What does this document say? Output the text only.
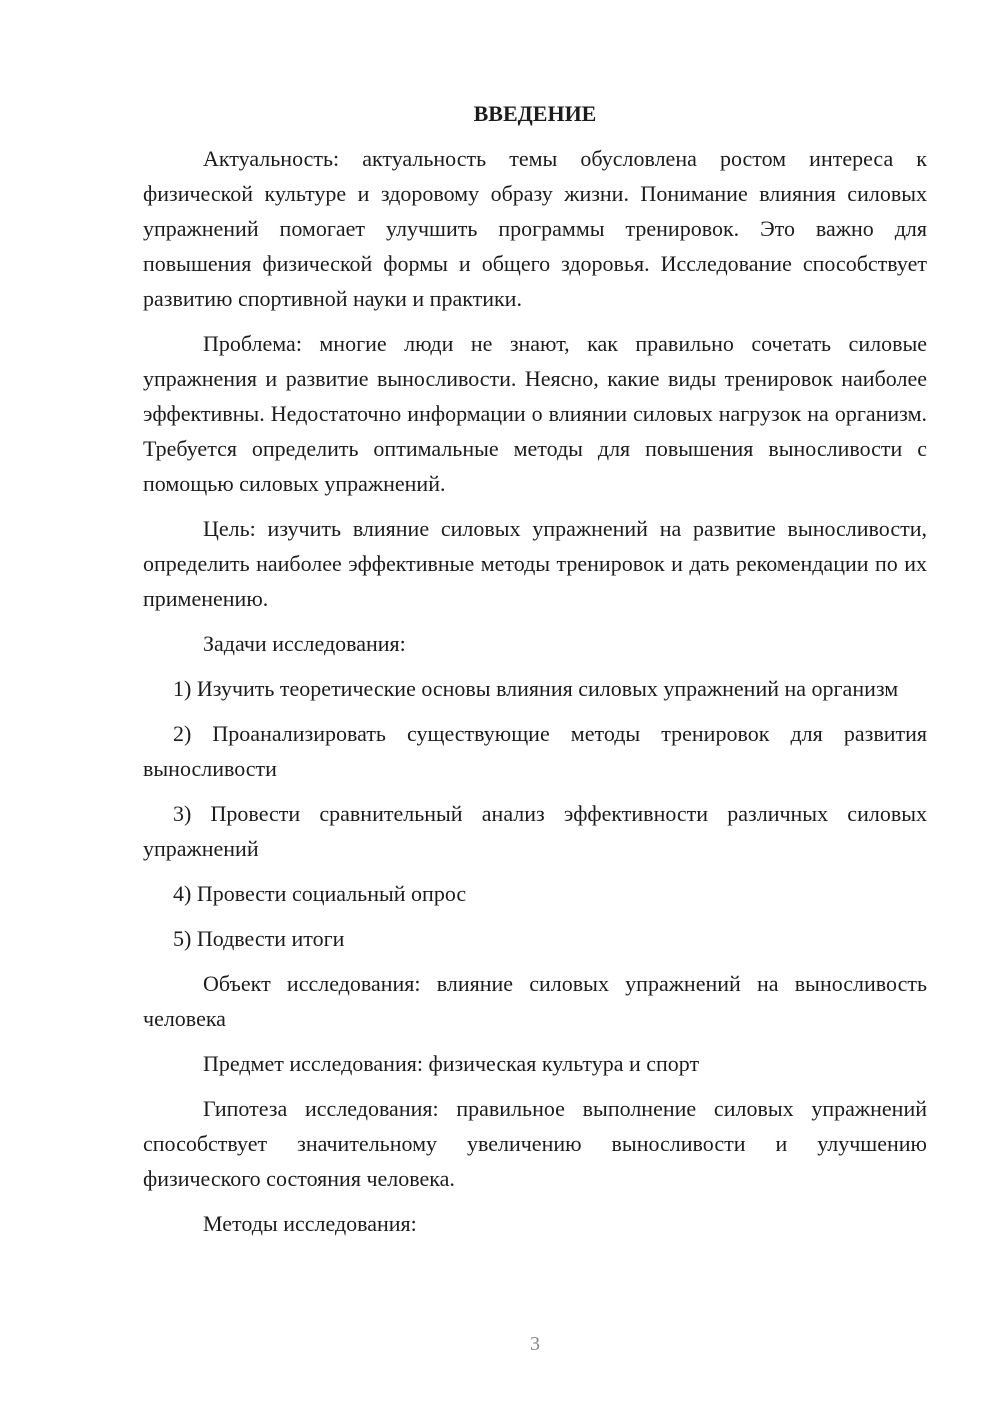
ВВЕДЕНИЕ

Актуальность: актуальность темы обусловлена ростом интереса к физической культуре и здоровому образу жизни. Понимание влияния силовых упражнений помогает улучшить программы тренировок. Это важно для повышения физической формы и общего здоровья. Исследование способствует развитию спортивной науки и практики.

Проблема: многие люди не знают, как правильно сочетать силовые упражнения и развитие выносливости. Неясно, какие виды тренировок наиболее эффективны. Недостаточно информации о влиянии силовых нагрузок на организм. Требуется определить оптимальные методы для повышения выносливости с помощью силовых упражнений.

Цель: изучить влияние силовых упражнений на развитие выносливости, определить наиболее эффективные методы тренировок и дать рекомендации по их применению.

Задачи исследования:

1) Изучить теоретические основы влияния силовых упражнений на организм

2) Проанализировать существующие методы тренировок для развития выносливости

3) Провести сравнительный анализ эффективности различных силовых упражнений

4) Провести социальный опрос

5) Подвести итоги

Объект исследования: влияние силовых упражнений на выносливость человека

Предмет исследования: физическая культура и спорт

Гипотеза исследования: правильное выполнение силовых упражнений способствует значительному увеличению выносливости и улучшению физического состояния человека.

Методы исследования:

3
